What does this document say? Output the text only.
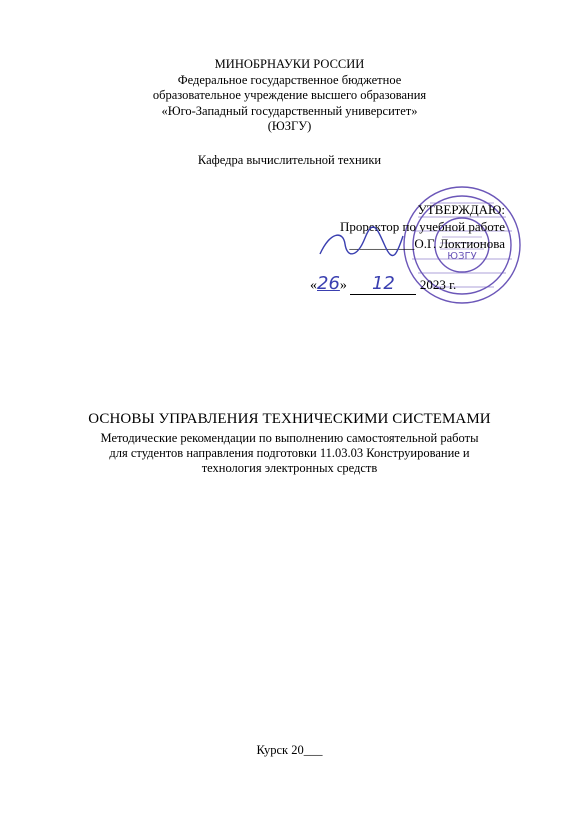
МИНОБРНАУКИ РОССИИ
Федеральное государственное бюджетное
образовательное учреждение высшего образования
«Юго-Западный государственный университет»
(ЮЗГУ)
Кафедра вычислительной техники
ЮЗГУ
УТВЕРЖДАЮ:
Проректор по учебной работе
__________О.Г. Локтионова
«26» 12 2023 г.
ОСНОВЫ УПРАВЛЕНИЯ ТЕХНИЧЕСКИМИ СИСТЕМАМИ
Методические рекомендации по выполнению самостоятельной работы
для студентов направления подготовки 11.03.03 Конструирование и
технология электронных средств
Курск 20___
